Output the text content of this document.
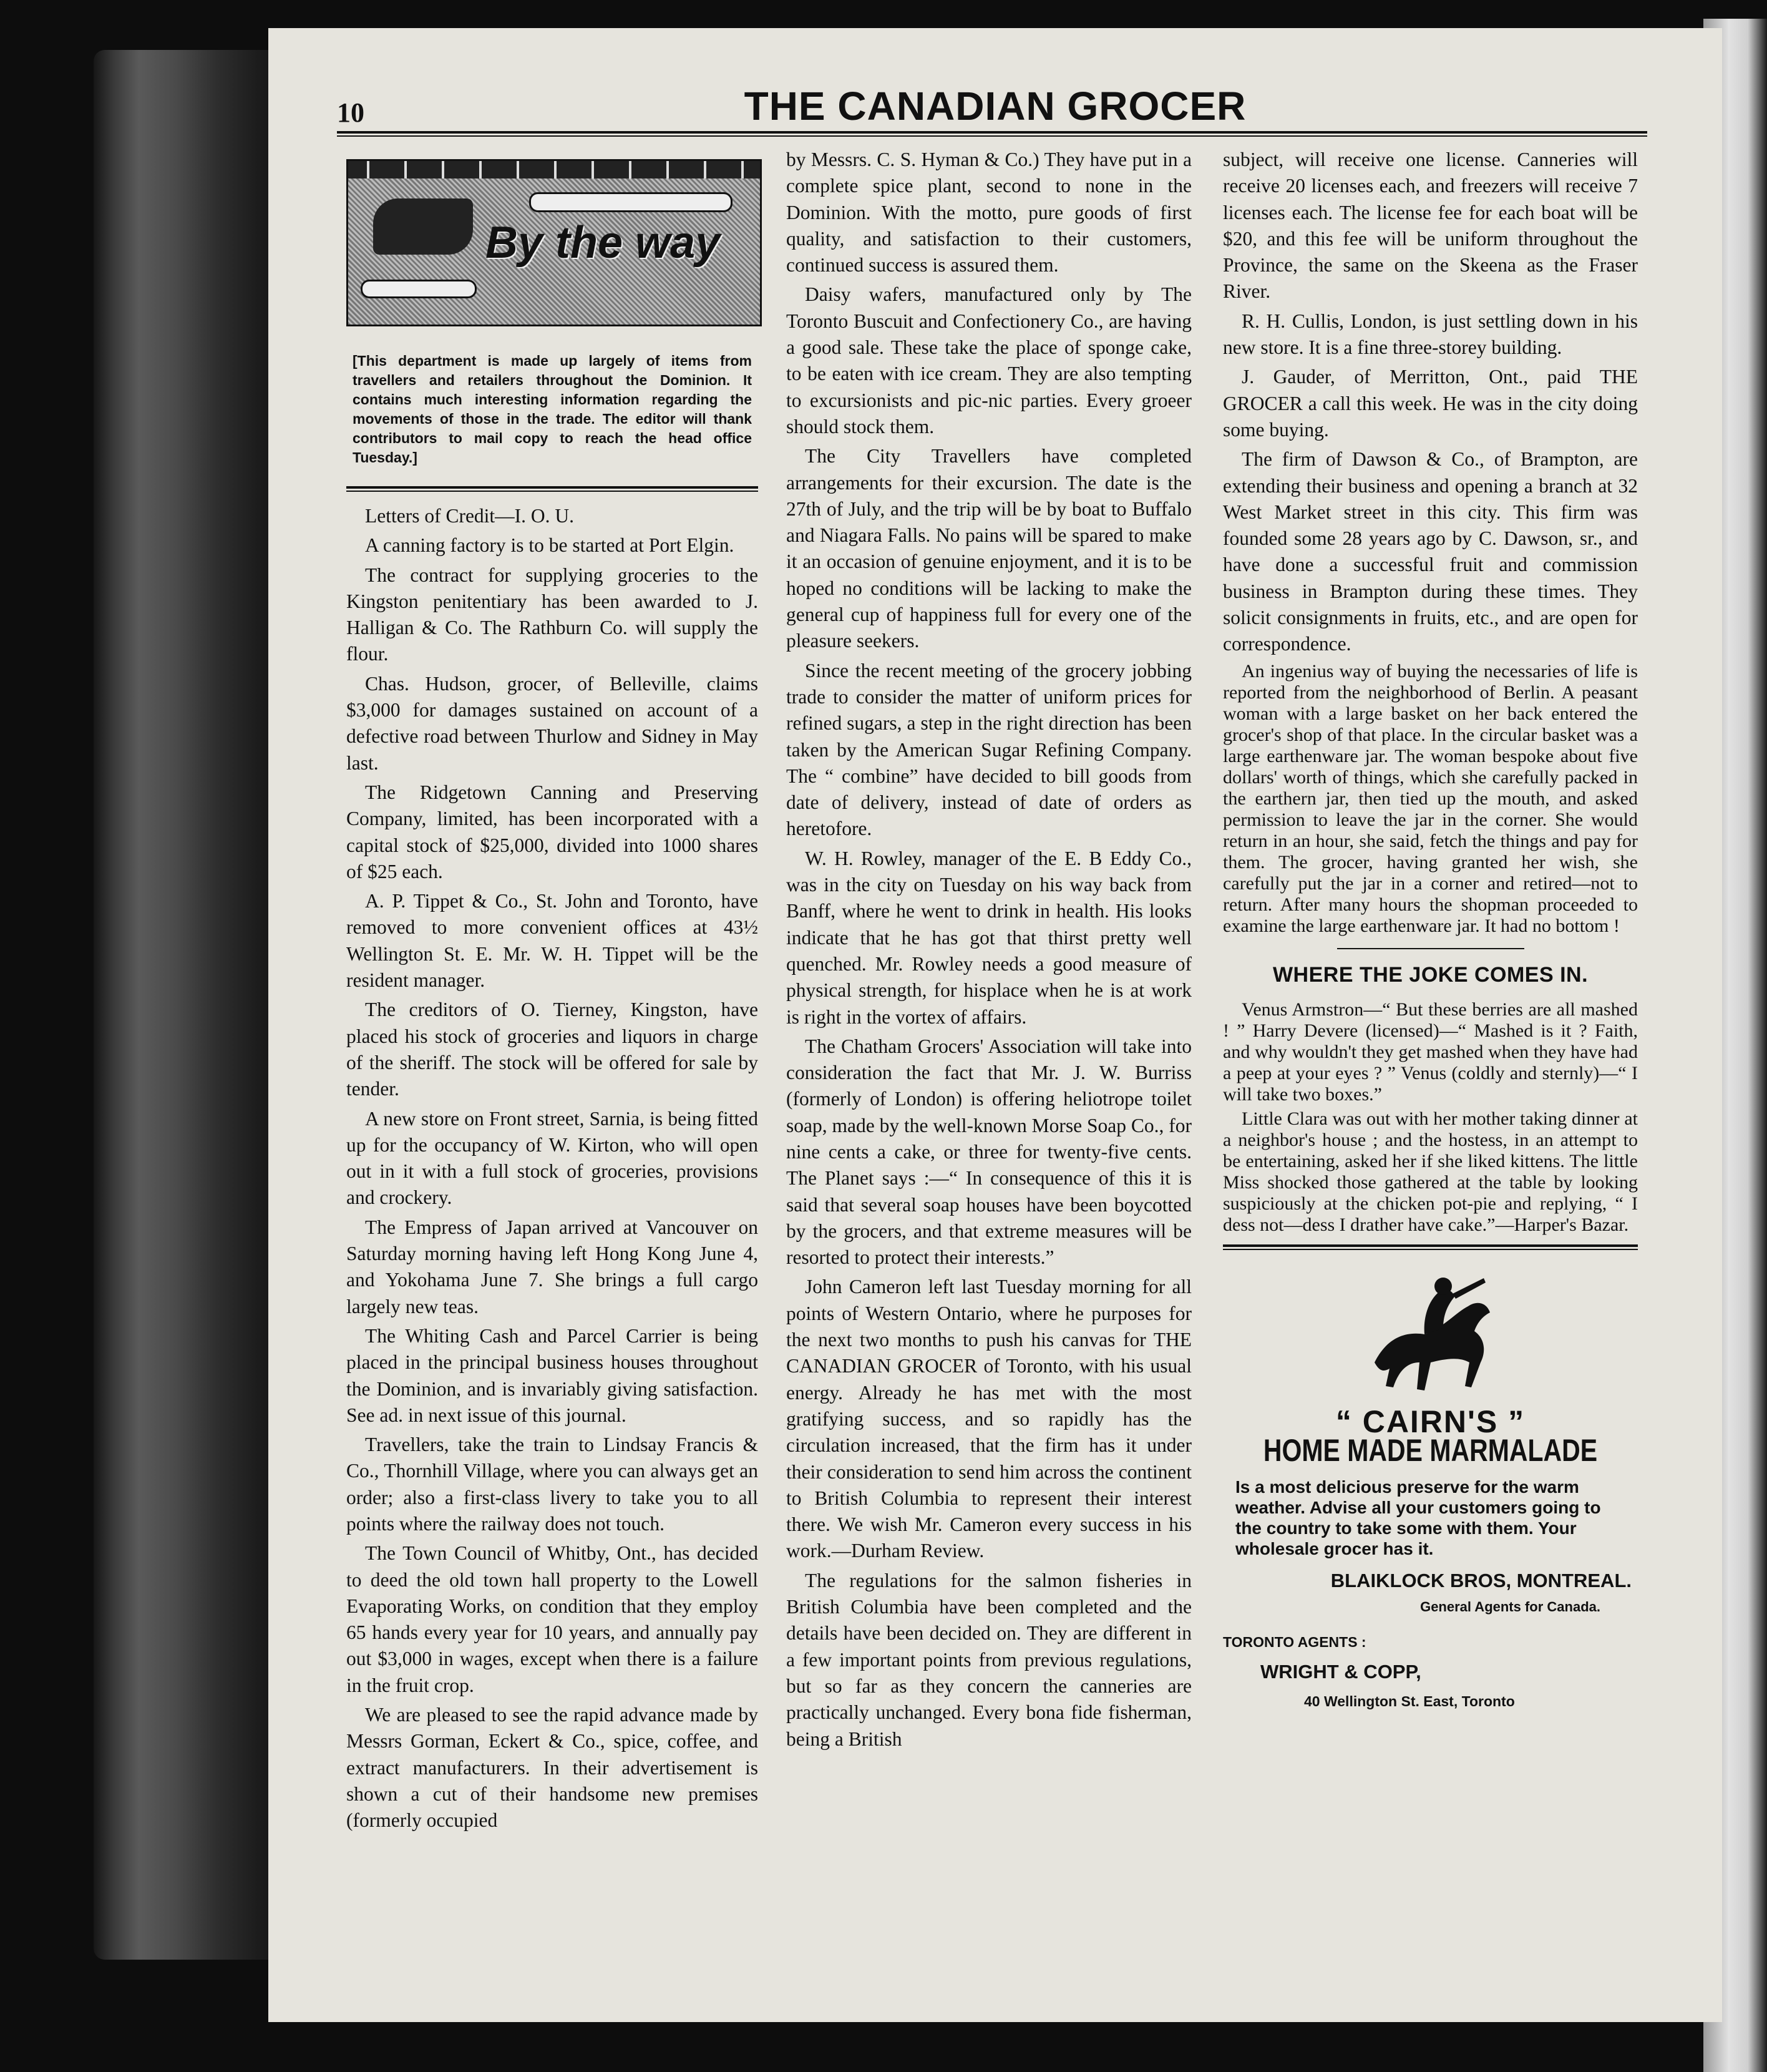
10	THE CANADIAN GROCER
By the way
[This department is made up largely of items from travellers and retailers throughout the Dominion. It contains much interesting information regarding the movements of those in the trade. The editor will thank contributors to mail copy to reach the head office Tuesday.]

Letters of Credit—I. O. U.

A canning factory is to be started at Port Elgin.

The contract for supplying groceries to the Kingston penitentiary has been awarded to J. Halligan & Co. The Rathburn Co. will supply the flour.

Chas. Hudson, grocer, of Belleville, claims $3,000 for damages sustained on account of a defective road between Thurlow and Sidney in May last.

The Ridgetown Canning and Preserving Company, limited, has been incorporated with a capital stock of $25,000, divided into 1000 shares of $25 each.

A. P. Tippet & Co., St. John and Toronto, have removed to more convenient offices at 43½ Wellington St. E. Mr. W. H. Tippet will be the resident manager.

The creditors of O. Tierney, Kingston, have placed his stock of groceries and liquors in charge of the sheriff. The stock will be offered for sale by tender.

A new store on Front street, Sarnia, is being fitted up for the occupancy of W. Kirton, who will open out in it with a full stock of groceries, provisions and crockery.

The Empress of Japan arrived at Vancouver on Saturday morning having left Hong Kong June 4, and Yokohama June 7. She brings a full cargo largely new teas.

The Whiting Cash and Parcel Carrier is being placed in the principal business houses throughout the Dominion, and is invariably giving satisfaction. See ad. in next issue of this journal.

Travellers, take the train to Lindsay Francis & Co., Thornhill Village, where you can always get an order; also a first-class livery to take you to all points where the railway does not touch.

The Town Council of Whitby, Ont., has decided to deed the old town hall property to the Lowell Evaporating Works, on condition that they employ 65 hands every year for 10 years, and annually pay out $3,000 in wages, except when there is a failure in the fruit crop.

We are pleased to see the rapid advance made by Messrs Gorman, Eckert & Co., spice, coffee, and extract manufacturers. In their advertisement is shown a cut of their handsome new premises (formerly occupied

by Messrs. C. S. Hyman & Co.) They have put in a complete spice plant, second to none in the Dominion. With the motto, pure goods of first quality, and satisfaction to their customers, continued success is assured them.

Daisy wafers, manufactured only by The Toronto Buscuit and Confectionery Co., are having a good sale. These take the place of sponge cake, to be eaten with ice cream. They are also tempting to excursionists and pic-nic parties. Every groeer should stock them.

The City Travellers have completed arrangements for their excursion. The date is the 27th of July, and the trip will be by boat to Buffalo and Niagara Falls. No pains will be spared to make it an occasion of genuine enjoyment, and it is to be hoped no conditions will be lacking to make the general cup of happiness full for every one of the pleasure seekers.

Since the recent meeting of the grocery jobbing trade to consider the matter of uniform prices for refined sugars, a step in the right direction has been taken by the American Sugar Refining Company. The “ combine” have decided to bill goods from date of delivery, instead of date of orders as heretofore.

W. H. Rowley, manager of the E. B Eddy Co., was in the city on Tuesday on his way back from Banff, where he went to drink in health. His looks indicate that he has got that thirst pretty well quenched. Mr. Rowley needs a good measure of physical strength, for hisplace when he is at work is right in the vortex of affairs.

The Chatham Grocers' Association will take into consideration the fact that Mr. J. W. Burriss (formerly of London) is offering heliotrope toilet soap, made by the well-known Morse Soap Co., for nine cents a cake, or three for twenty-five cents. The Planet says :—“ In consequence of this it is said that several soap houses have been boycotted by the grocers, and that extreme measures will be resorted to protect their interests.”

John Cameron left last Tuesday morning for all points of Western Ontario, where he purposes for the next two months to push his canvas for THE CANADIAN GROCER of Toronto, with his usual energy. Already he has met with the most gratifying success, and so rapidly has the circulation increased, that the firm has it under their consideration to send him across the continent to British Columbia to represent their interest there. We wish Mr. Cameron every success in his work.—Durham Review.

The regulations for the salmon fisheries in British Columbia have been completed and the details have been decided on. They are different in a few important points from previous regulations, but so far as they concern the canneries are practically unchanged. Every bona fide fisherman, being a British

subject, will receive one license. Canneries will receive 20 licenses each, and freezers will receive 7 licenses each. The license fee for each boat will be $20, and this fee will be uniform throughout the Province, the same on the Skeena as the Fraser River.

R. H. Cullis, London, is just settling down in his new store. It is a fine three-storey building.

J. Gauder, of Merritton, Ont., paid THE GROCER a call this week. He was in the city doing some buying.

The firm of Dawson & Co., of Brampton, are extending their business and opening a branch at 32 West Market street in this city. This firm was founded some 28 years ago by C. Dawson, sr., and have done a successful fruit and commission business in Brampton during these times. They solicit consignments in fruits, etc., and are open for correspondence.

An ingenius way of buying the necessaries of life is reported from the neighborhood of Berlin. A peasant woman with a large basket on her back entered the grocer's shop of that place. In the circular basket was a large earthenware jar. The woman bespoke about five dollars' worth of things, which she carefully packed in the earthern jar, then tied up the mouth, and asked permission to leave the jar in the corner. She would return in an hour, she said, fetch the things and pay for them. The grocer, having granted her wish, she carefully put the jar in a corner and retired—not to return. After many hours the shopman proceeded to examine the large earthenware jar. It had no bottom !

WHERE THE JOKE COMES IN.

Venus Armstron—“ But these berries are all mashed ! ” Harry Devere (licensed)—“ Mashed is it ? Faith, and why wouldn't they get mashed when they have had a peep at your eyes ? ” Venus (coldly and sternly)—“ I will take two boxes.”

Little Clara was out with her mother taking dinner at a neighbor's house ; and the hostess, in an attempt to be entertaining, asked her if she liked kittens. The little Miss shocked those gathered at the table by looking suspiciously at the chicken pot-pie and replying, “ I dess not—dess I drather have cake.”—Harper's Bazar.

“ CAIRN'S ”
HOME MADE MARMALADE
Is a most delicious preserve for the warm weather. Advise all your customers going to the country to take some with them. Your wholesale grocer has it.
BLAIKLOCK BROS, MONTREAL.
General Agents for Canada.
TORONTO AGENTS :
WRIGHT & COPP,
40 Wellington St. East, Toronto
